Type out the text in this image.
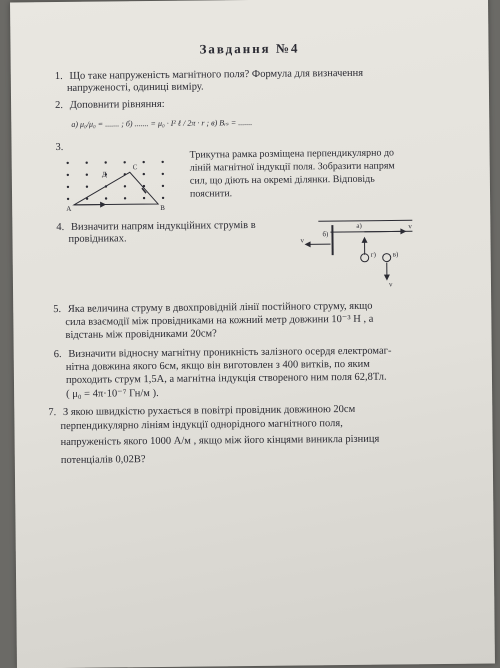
Завдання №4
1. Що таке напруженість магнітного поля? Формула для визначення
напруженості, одиниці виміру.
2. Доповнити рівняння:
а) μ₀/μ₀ = ....... ; б) ....... = μ₀ · I² ℓ / 2π · r ; в) Bᵣₛ = .......
3.	Трикутна рамка розміщена перпендикулярно до
ліній магнітної індукції поля. Зобразити напрям
сил, що діють на окремі ділянки. Відповідь
пояснити.
А	В
С
Д
4. Визначити напрям індукційних струмів в
провідниках.
v
а)
б)
v
г) в)
v
5. Яка величина струму в двохпровідній лінії постійного струму, якщо
сила взаємодії між провідниками на кожний метр довжини 10⁻³ Н , а
відстань між провідниками 20см?
6. Визначити відносну магнітну проникність залізного осердя електромаг-
нітна довжина якого 6см, якщо він виготовлен з 400 витків, по яким
проходить струм 1,5А, а магнітна індукція створеного ним поля 62,8Тл.
( μ₀ = 4π·10⁻⁷ Гн/м ).
7. З якою швидкістю рухається в повітрі провідник довжиною 20см
перпендикулярно лініям індукції однорідного магнітного поля,
напруженість якого 1000 А/м , якщо між його кінцями виникла різниця
потенціалів 0,02В?
